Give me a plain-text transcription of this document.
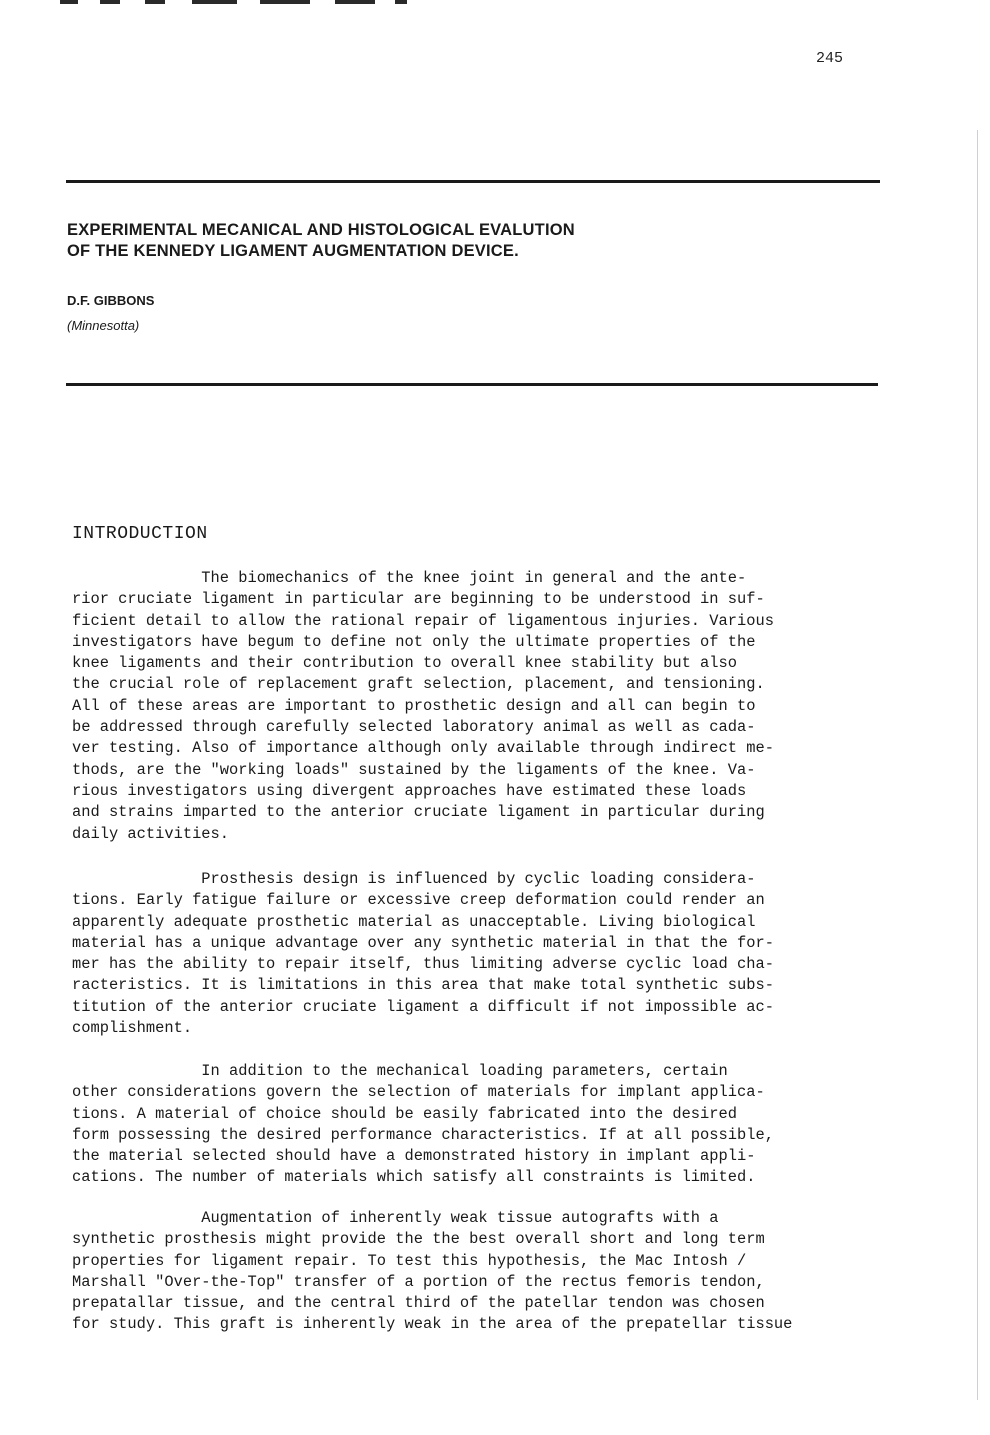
245
EXPERIMENTAL MECANICAL AND HISTOLOGICAL EVALUTION
OF THE KENNEDY LIGAMENT AUGMENTATION DEVICE.
D.F. GIBBONS
(Minnesotta)
INTRODUCTION
The biomechanics of the knee joint in general and the ante-
rior cruciate ligament in particular are beginning to be understood in suf-
ficient detail to allow the rational repair of ligamentous injuries. Various
investigators have begum to define not only the ultimate properties of the
knee ligaments and their contribution to overall knee stability but also
the crucial role of replacement graft selection, placement, and tensioning.
All of these areas are important to prosthetic design and all can begin to
be addressed through carefully selected laboratory animal as well as cada-
ver testing. Also of importance although only available through indirect me-
thods, are the "working loads" sustained by the ligaments of the knee. Va-
rious investigators using divergent approaches have estimated these loads
and strains imparted to the anterior cruciate ligament in particular during
daily activities.
Prosthesis design is influenced by cyclic loading considera-
tions. Early fatigue failure or excessive creep deformation could render an
apparently adequate prosthetic material as unacceptable. Living biological
material has a unique advantage over any synthetic material in that the for-
mer has the ability to repair itself, thus limiting adverse cyclic load cha-
racteristics. It is limitations in this area that make total synthetic subs-
titution of the anterior cruciate ligament a difficult if not impossible ac-
complishment.
In addition to the mechanical loading parameters, certain
other considerations govern the selection of materials for implant applica-
tions. A material of choice should be easily fabricated into the desired
form possessing the desired performance characteristics. If at all possible,
the material selected should have a demonstrated history in implant appli-
cations. The number of materials which satisfy all constraints is limited.
Augmentation of inherently weak tissue autografts with a
synthetic prosthesis might provide the the best overall short and long term
properties for ligament repair. To test this hypothesis, the Mac Intosh /
Marshall "Over-the-Top" transfer of a portion of the rectus femoris tendon,
prepatallar tissue, and the central third of the patellar tendon was chosen
for study. This graft is inherently weak in the area of the prepatellar tissue
